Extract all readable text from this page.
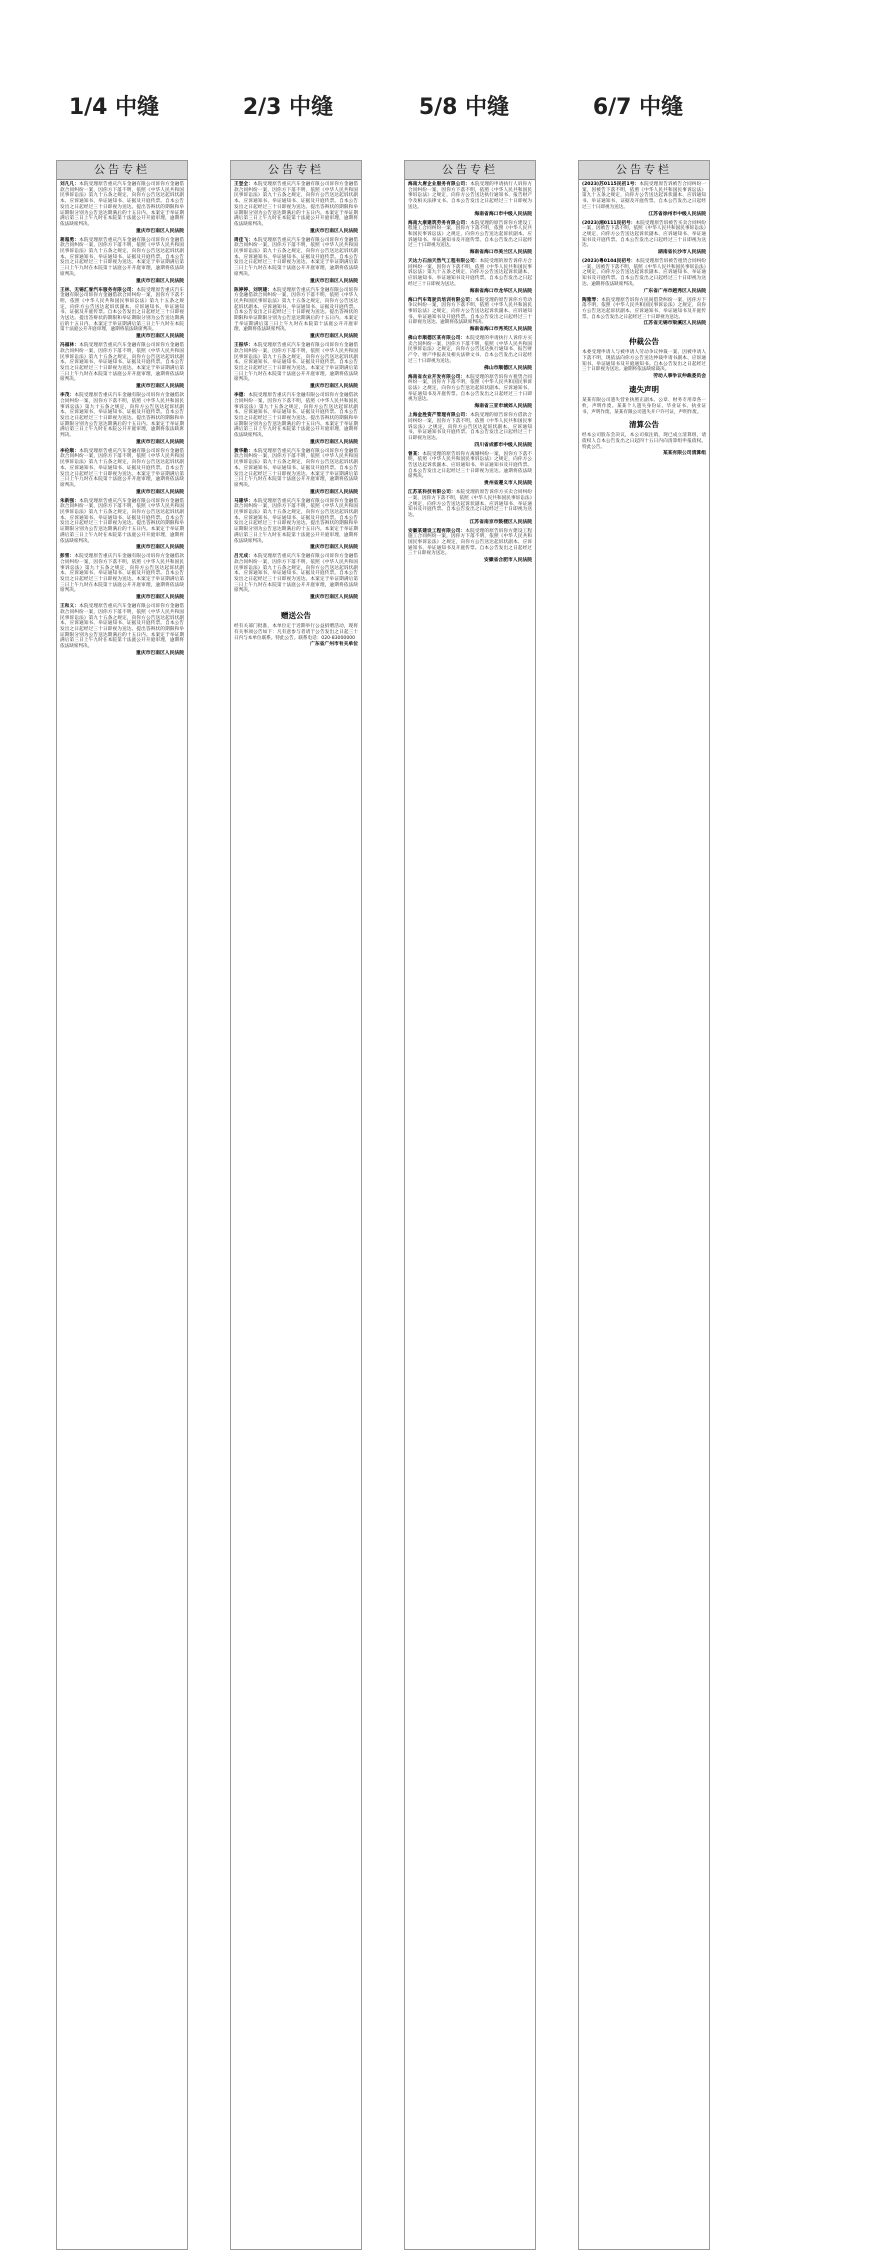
1/4 中缝	2/3 中缝	5/8 中缝	6/7 中缝
公告专栏

刘凡凡：本院受理原告重庆汽车金融有限公司诉你方金融借款合同纠纷一案，因你方下落不明，依照《中华人民共和国民事诉讼法》第九十五条之规定，向你方公告送达起诉状副本、应诉通知书、举证通知书、证据及开庭传票。自本公告发出之日起经过三十日即视为送达。提出答辩状的期限和举证期限分别为公告送达期满后的十五日内。本案定于举证期满后第三日上午九时在本院第十法庭公开开庭审理，逾期将依法缺席判决。

重庆市巴南区人民法院

蒋超勇：本院受理原告重庆汽车金融有限公司诉你方金融借款合同纠纷一案，因你方下落不明，依照《中华人民共和国民事诉讼法》第九十五条之规定，向你方公告送达起诉状副本、应诉通知书、举证通知书、证据及开庭传票。自本公告发出之日起经过三十日即视为送达。本案定于举证期满后第三日上午九时在本院第十法庭公开开庭审理，逾期将依法缺席判决。

重庆市巴南区人民法院

王林、无锡汇誉汽车服务有限公司：本院受理原告重庆汽车金融有限公司诉你方金融借款合同纠纷一案，因你方下落不明，依照《中华人民共和国民事诉讼法》第九十五条之规定，向你方公告送达起诉状副本、应诉通知书、举证通知书、证据及开庭传票。自本公告发出之日起经过三十日即视为送达。提出答辩状的期限和举证期限分别为公告送达期满后的十五日内。本案定于举证期满后第三日上午九时在本院第十法庭公开开庭审理，逾期将依法缺席判决。

重庆市巴南区人民法院

冯福林：本院受理原告重庆汽车金融有限公司诉你方金融借款合同纠纷一案，因你方下落不明，依照《中华人民共和国民事诉讼法》第九十五条之规定，向你方公告送达起诉状副本、应诉通知书、举证通知书、证据及开庭传票。自本公告发出之日起经过三十日即视为送达。本案定于举证期满后第三日上午九时在本院第十法庭公开开庭审理，逾期将依法缺席判决。

重庆市巴南区人民法院

李茂：本院受理原告重庆汽车金融有限公司诉你方金融借款合同纠纷一案，因你方下落不明，依照《中华人民共和国民事诉讼法》第九十五条之规定，向你方公告送达起诉状副本、应诉通知书、举证通知书、证据及开庭传票。自本公告发出之日起经过三十日即视为送达。提出答辩状的期限和举证期限分别为公告送达期满后的十五日内。本案定于举证期满后第三日上午九时在本院公开开庭审理，逾期将依法缺席判决。

重庆市巴南区人民法院

李伦顺：本院受理原告重庆汽车金融有限公司诉你方金融借款合同纠纷一案，因你方下落不明，依照《中华人民共和国民事诉讼法》第九十五条之规定，向你方公告送达起诉状副本、应诉通知书、举证通知书、证据及开庭传票。自本公告发出之日起经过三十日即视为送达。本案定于举证期满后第三日上午九时在本院第十法庭公开开庭审理，逾期将依法缺席判决。

重庆市巴南区人民法院

朱新强：本院受理原告重庆汽车金融有限公司诉你方金融借款合同纠纷一案，因你方下落不明，依照《中华人民共和国民事诉讼法》第九十五条之规定，向你方公告送达起诉状副本、应诉通知书、举证通知书、证据及开庭传票。自本公告发出之日起经过三十日即视为送达。提出答辩状的期限和举证期限分别为公告送达期满后的十五日内。本案定于举证期满后第三日上午九时在本院第十法庭公开开庭审理，逾期将依法缺席判决。

重庆市巴南区人民法院

彭雪：本院受理原告重庆汽车金融有限公司诉你方金融借款合同纠纷一案，因你方下落不明，依照《中华人民共和国民事诉讼法》第九十五条之规定，向你方公告送达起诉状副本、应诉通知书、举证通知书、证据及开庭传票。自本公告发出之日起经过三十日即视为送达。本案定于举证期满后第三日上午九时在本院第十法庭公开开庭审理，逾期将依法缺席判决。

重庆市巴南区人民法院

王和义：本院受理原告重庆汽车金融有限公司诉你方金融借款合同纠纷一案，因你方下落不明，依照《中华人民共和国民事诉讼法》第九十五条之规定，向你方公告送达起诉状副本、应诉通知书、举证通知书、证据及开庭传票。自本公告发出之日起经过三十日即视为送达。提出答辩状的期限和举证期限分别为公告送达期满后的十五日内。本案定于举证期满后第三日上午九时在本院第十法庭公开开庭审理，逾期将依法缺席判决。

重庆市巴南区人民法院

公告专栏

王登全：本院受理原告重庆汽车金融有限公司诉你方金融借款合同纠纷一案，因你方下落不明，依照《中华人民共和国民事诉讼法》第九十五条之规定，向你方公告送达起诉状副本、应诉通知书、举证通知书、证据及开庭传票。自本公告发出之日起经过三十日即视为送达。提出答辩状的期限和举证期限分别为公告送达期满后的十五日内。本案定于举证期满后第三日上午九时在本院第十法庭公开开庭审理，逾期将依法缺席判决。

重庆市巴南区人民法院

周佳飞：本院受理原告重庆汽车金融有限公司诉你方金融借款合同纠纷一案，因你方下落不明，依照《中华人民共和国民事诉讼法》第九十五条之规定，向你方公告送达起诉状副本、应诉通知书、举证通知书、证据及开庭传票。自本公告发出之日起经过三十日即视为送达。本案定于举证期满后第三日上午九时在本院第十法庭公开开庭审理，逾期将依法缺席判决。

重庆市巴南区人民法院

陈婷婷、刘明建：本院受理原告重庆汽车金融有限公司诉你方金融借款合同纠纷一案，因你方下落不明，依照《中华人民共和国民事诉讼法》第九十五条之规定，向你方公告送达起诉状副本、应诉通知书、举证通知书、证据及开庭传票。自本公告发出之日起经过三十日即视为送达。提出答辩状的期限和举证期限分别为公告送达期满后的十五日内。本案定于举证期满后第三日上午九时在本院第十法庭公开开庭审理，逾期将依法缺席判决。

重庆市巴南区人民法院

王振华：本院受理原告重庆汽车金融有限公司诉你方金融借款合同纠纷一案，因你方下落不明，依照《中华人民共和国民事诉讼法》第九十五条之规定，向你方公告送达起诉状副本、应诉通知书、举证通知书、证据及开庭传票。自本公告发出之日起经过三十日即视为送达。本案定于举证期满后第三日上午九时在本院第十法庭公开开庭审理，逾期将依法缺席判决。

重庆市巴南区人民法院

李德：本院受理原告重庆汽车金融有限公司诉你方金融借款合同纠纷一案，因你方下落不明，依照《中华人民共和国民事诉讼法》第九十五条之规定，向你方公告送达起诉状副本、应诉通知书、举证通知书、证据及开庭传票。自本公告发出之日起经过三十日即视为送达。提出答辩状的期限和举证期限分别为公告送达期满后的十五日内。本案定于举证期满后第三日上午九时在本院第十法庭公开开庭审理，逾期将依法缺席判决。

重庆市巴南区人民法院

黄华勤：本院受理原告重庆汽车金融有限公司诉你方金融借款合同纠纷一案，因你方下落不明，依照《中华人民共和国民事诉讼法》第九十五条之规定，向你方公告送达起诉状副本、应诉通知书、举证通知书、证据及开庭传票。自本公告发出之日起经过三十日即视为送达。本案定于举证期满后第三日上午九时在本院第十法庭公开开庭审理，逾期将依法缺席判决。

重庆市巴南区人民法院

马建华：本院受理原告重庆汽车金融有限公司诉你方金融借款合同纠纷一案，因你方下落不明，依照《中华人民共和国民事诉讼法》第九十五条之规定，向你方公告送达起诉状副本、应诉通知书、举证通知书、证据及开庭传票。自本公告发出之日起经过三十日即视为送达。提出答辩状的期限和举证期限分别为公告送达期满后的十五日内。本案定于举证期满后第三日上午九时在本院第十法庭公开开庭审理，逾期将依法缺席判决。

重庆市巴南区人民法院

吕元成：本院受理原告重庆汽车金融有限公司诉你方金融借款合同纠纷一案，因你方下落不明，依照《中华人民共和国民事诉讼法》第九十五条之规定，向你方公告送达起诉状副本、应诉通知书、举证通知书、证据及开庭传票。自本公告发出之日起经过三十日即视为送达。本案定于举证期满后第三日上午九时在本院第十法庭公开开庭审理，逾期将依法缺席判决。

重庆市巴南区人民法院

赠送公告

经有关部门批准，本单位定于近期举行公益捐赠活动，现将有关事项公告如下：凡有意参与者请于公告发出之日起三十日内与本单位联系。特此公告。联系电话：020-83000000

广东省广州市有关单位

公告专栏

海南大唐企业服务有限公司：本院受理的申请执行人诉你方合同纠纷一案，因你方下落不明，依照《中华人民共和国民事诉讼法》之规定，向你方公告送达执行通知书、报告财产令及相关法律文书。自本公告发出之日起经过三十日即视为送达。

海南省海口市中级人民法院

海南大康建筑劳务有限公司：本院受理的原告诉你方建设工程施工合同纠纷一案，因你方下落不明，依照《中华人民共和国民事诉讼法》之规定，向你方公告送达起诉状副本、应诉通知书、举证通知书及开庭传票。自本公告发出之日起经过三十日即视为送达。

海南省海口市美兰区人民法院

天达力石油天然气工程有限公司：本院受理的原告诉你方合同纠纷一案，因你方下落不明，依照《中华人民共和国民事诉讼法》第九十五条之规定，向你方公告送达起诉状副本、应诉通知书、举证通知书及开庭传票。自本公告发出之日起经过三十日即视为送达。

海南省海口市龙华区人民法院

海口汽车驾驶员培训有限公司：本院受理的原告诉你方劳动争议纠纷一案，因你方下落不明，依照《中华人民共和国民事诉讼法》之规定，向你方公告送达起诉状副本、应诉通知书、举证通知书及开庭传票。自本公告发出之日起经过三十日即视为送达。逾期将依法缺席判决。

海南省海口市秀英区人民法院

佛山市顺德区某有限公司：本院受理的申请执行人诉你方买卖合同纠纷一案，因你方下落不明，依照《中华人民共和国民事诉讼法》之规定，向你方公告送达执行通知书、报告财产令、财产申报表及相关法律文书。自本公告发出之日起经过三十日即视为送达。

佛山市顺德区人民法院

海南省农业开发有限公司：本院受理的原告诉你方租赁合同纠纷一案，因你方下落不明，依照《中华人民共和国民事诉讼法》之规定，向你方公告送达起诉状副本、应诉通知书、举证通知书及开庭传票。自本公告发出之日起经过三十日即视为送达。

海南省三亚市城郊人民法院

上海金胜资产管理有限公司：本院受理的原告诉你方借款合同纠纷一案，因你方下落不明，依照《中华人民共和国民事诉讼法》之规定，向你方公告送达起诉状副本、应诉通知书、举证通知书及开庭传票。自本公告发出之日起经过三十日即视为送达。

四川省成都市中级人民法院

曾某：本院受理的原告诉你方离婚纠纷一案，因你方下落不明，依照《中华人民共和国民事诉讼法》之规定，向你方公告送达起诉状副本、应诉通知书、举证通知书及开庭传票。自本公告发出之日起经过三十日即视为送达。逾期将依法缺席判决。

贵州省遵义市人民法院

江苏某科技有限公司：本院受理的原告诉你方买卖合同纠纷一案，因你方下落不明，依照《中华人民共和国民事诉讼法》之规定，向你方公告送达起诉状副本、应诉通知书、举证通知书及开庭传票。自本公告发出之日起经过三十日即视为送达。

江苏省南京市鼓楼区人民法院

安徽某建设工程有限公司：本院受理的原告诉你方建设工程施工合同纠纷一案，因你方下落不明，依照《中华人民共和国民事诉讼法》之规定，向你方公告送达起诉状副本、应诉通知书、举证通知书及开庭传票。自本公告发出之日起经过三十日即视为送达。

安徽省合肥市人民法院

公告专栏

(2023)苏0115民初1号：本院受理原告诉被告合同纠纷一案，因被告下落不明，依照《中华人民共和国民事诉讼法》第九十五条之规定，向你方公告送达起诉状副本、应诉通知书、举证通知书、证据及开庭传票。自本公告发出之日起经过三十日即视为送达。

江苏省徐州市中级人民法院

(2023)湘0111民初号：本院受理原告诉被告买卖合同纠纷一案，因被告下落不明，依照《中华人民共和国民事诉讼法》之规定，向你方公告送达起诉状副本、应诉通知书、举证通知书及开庭传票。自本公告发出之日起经过三十日即视为送达。

湖南省长沙市人民法院

(2023)粤0104民初号：本院受理原告诉被告租赁合同纠纷一案，因被告下落不明，依照《中华人民共和国民事诉讼法》之规定，向你方公告送达起诉状副本、应诉通知书、举证通知书及开庭传票。自本公告发出之日起经过三十日即视为送达。逾期将依法缺席判决。

广东省广州市越秀区人民法院

陶雅琴：本院受理原告诉你方民间借贷纠纷一案，因你方下落不明，依照《中华人民共和国民事诉讼法》之规定，向你方公告送达起诉状副本、应诉通知书、举证通知书及开庭传票。自本公告发出之日起经过三十日即视为送达。

江苏省无锡市梁溪区人民法院

仲裁公告

本委受理申请人与被申请人劳动争议仲裁一案，因被申请人下落不明，现依法向你方公告送达仲裁申请书副本、应诉通知书、举证通知书及开庭通知书。自本公告发出之日起经过三十日即视为送达。逾期将依法缺席裁决。

劳动人事争议仲裁委员会

遗失声明

某某有限公司遗失营业执照正副本、公章、财务专用章各一枚，声明作废。某某个人遗失身份证、毕业证书、执业证书，声明作废。某某有限公司遗失开户许可证，声明作废。

清算公告

经本公司股东会决议，本公司拟注销，现已成立清算组，请债权人自本公告发出之日起四十五日内向清算组申报债权。特此公告。

某某有限公司清算组
